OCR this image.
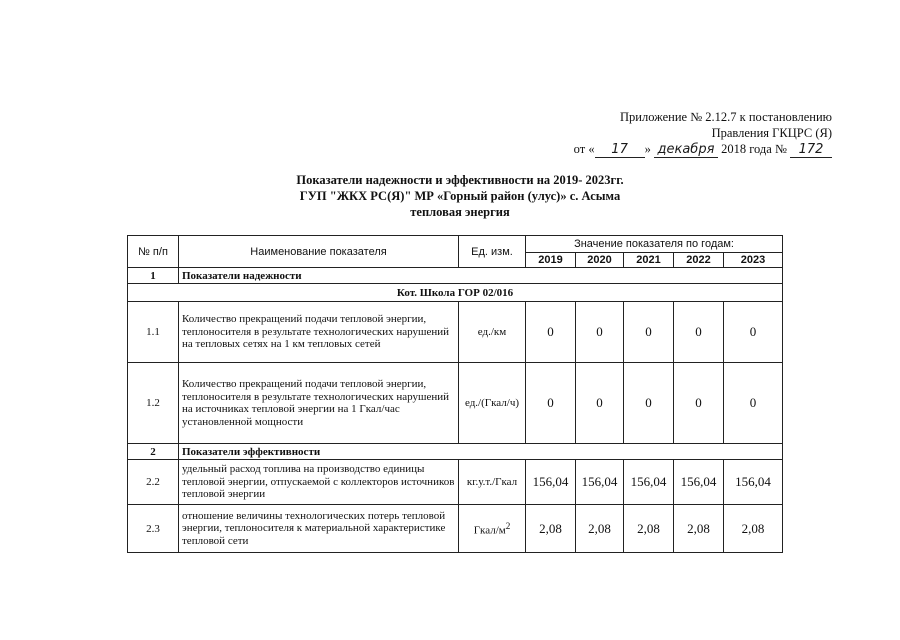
Приложение № 2.12.7 к постановлению
Правления ГКЦРС (Я)
от « 17 » декабря 2018 года № 172
Показатели надежности и эффективности на 2019- 2023гг.
ГУП "ЖКХ РС(Я)" МР «Горный район (улус)» с. Асыма
тепловая энергия
№ п/п	Наименование показателя	Ед. изм.	Значение показателя по годам:				
			2019	2020	2021	2022	2023
1	Показатели надежности						
Кот. Школа ГОР 02/016							
1.1	Количество прекращений подачи тепловой энергии, теплоносителя в результате технологических нарушений на тепловых сетях на 1 км тепловых сетей	ед./км	0	0	0	0	0
1.2	Количество прекращений подачи тепловой энергии, теплоносителя в результате технологических нарушений на источниках тепловой энергии на 1 Гкал/час установленной мощности	ед./(Гкал/ч)	0	0	0	0	0
2	Показатели эффективности						
2.2	удельный расход топлива на производство единицы тепловой энергии, отпускаемой с коллекторов источников тепловой энергии	кг.у.т./Гкал	156,04	156,04	156,04	156,04	156,04
2.3	отношение величины технологических потерь тепловой энергии, теплоносителя к материальной характеристике тепловой сети	Гкал/$м^2$	2,08	2,08	2,08	2,08	2,08
